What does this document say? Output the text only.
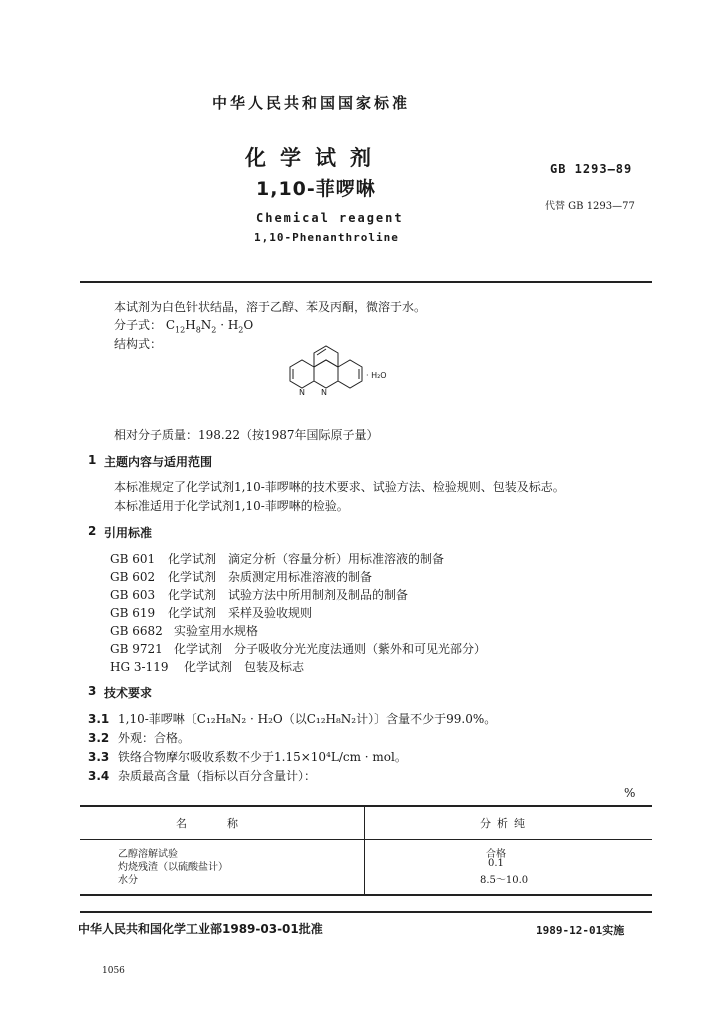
中华人民共和国国家标准
化学试剂
1,10-菲啰啉
Chemical reagent
1,10-Phenanthroline
GB 1293—89
代替 GB 1293—77
本试剂为白色针状结晶，溶于乙醇、苯及丙酮，微溶于水。
分子式： $C_{12}H_8N_2 \cdot H_2O$
结构式：
N N
· H₂O
相对分子质量：198.22（按1987年国际原子量）
1 主题内容与适用范围
本标准规定了化学试剂1,10-菲啰啉的技术要求、试验方法、检验规则、包装及标志。
本标准适用于化学试剂1,10-菲啰啉的检验。
2 引用标准
GB 601 化学试剂　滴定分析（容量分析）用标准溶液的制备
GB 602 化学试剂　杂质测定用标准溶液的制备
GB 603 化学试剂　试验方法中所用制剂及制品的制备
GB 619 化学试剂　采样及验收规则
GB 6682 实验室用水规格
GB 9721 化学试剂　分子吸收分光光度法通则（紫外和可见光部分）
HG 3-119 化学试剂　包装及标志
3 技术要求
3.1 1,10-菲啰啉〔C₁₂H₈N₂ · H₂O（以C₁₂H₈N₂计）〕含量不少于99.0%。
3.2 外观：合格。
3.3 铁络合物摩尔吸收系数不少于1.15×10⁴L/cm · mol。
3.4 杂质最高含量（指标以百分含量计）：
%
名　　称	分析纯
乙醇溶解试验
灼烧残渣（以硫酸盐计）
水分
合格
0.1
8.5～10.0
中华人民共和国化学工业部1989-03-01批准	1989-12-01实施
1056
